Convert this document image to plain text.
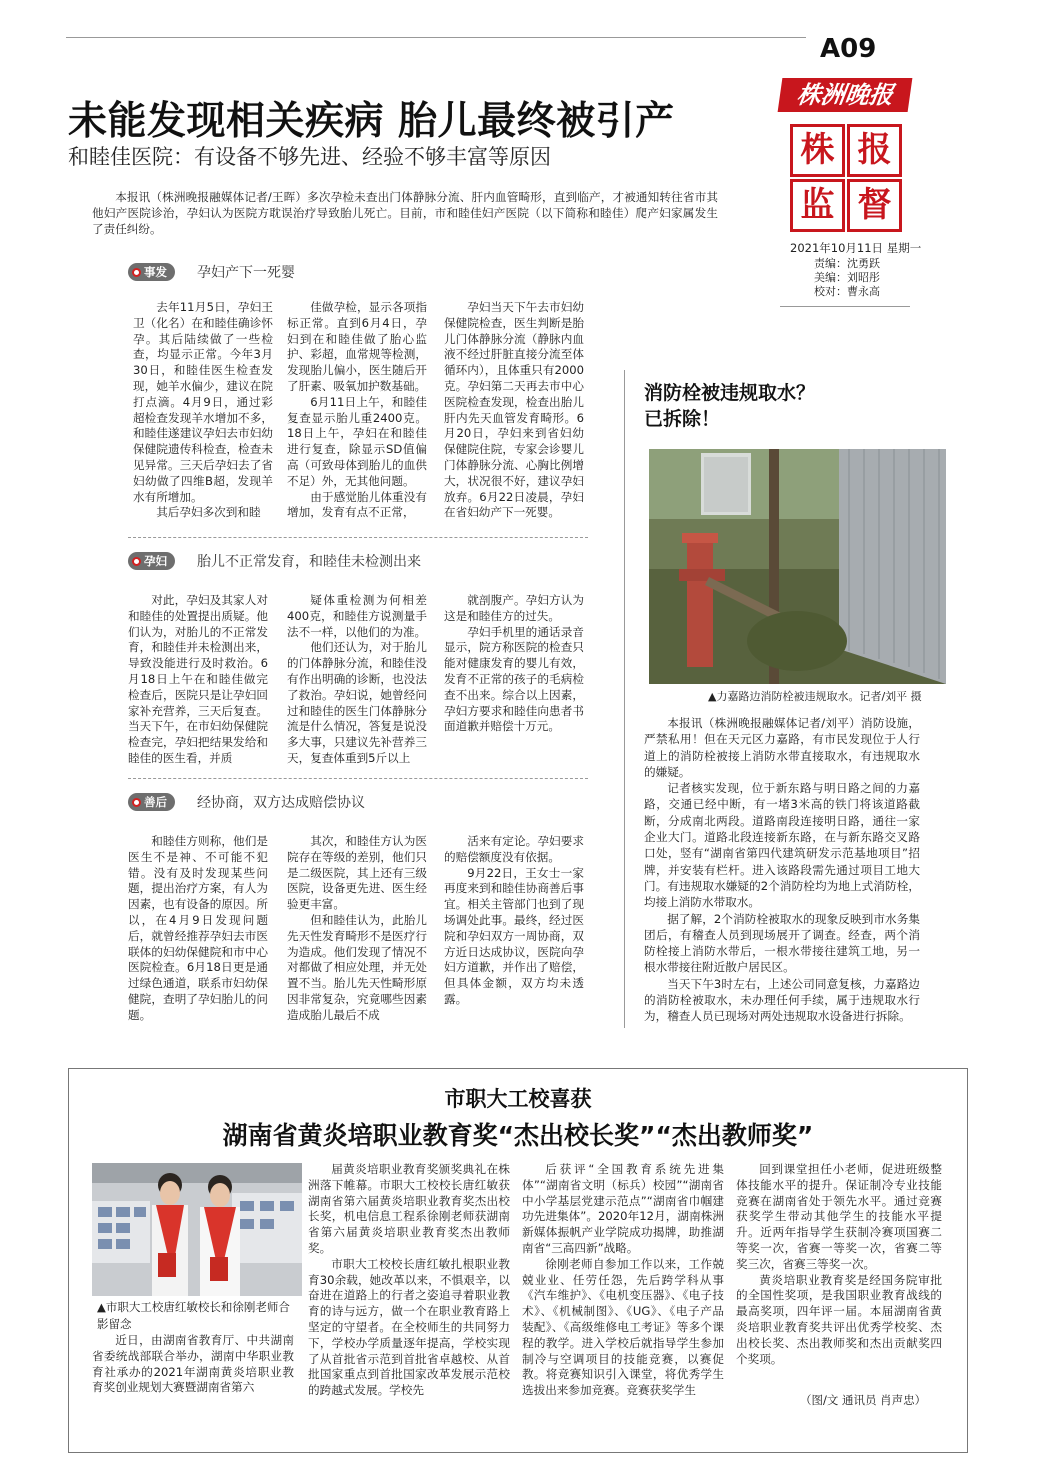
A09
株洲晚报
株 报
监 督
2021年10月11日 星期一
责编：沈勇跃
美编：刘昭彤
校对：曹永高
未能发现相关疾病 胎儿最终被引产
和睦佳医院：有设备不够先进、经验不够丰富等原因

本报讯（株洲晚报融媒体记者/王晖）多次孕检未查出门体静脉分流、肝内血管畸形，直到临产，才被通知转往省市其他妇产医院诊治，孕妇认为医院方耽误治疗导致胎儿死亡。目前，市和睦佳妇产医院（以下简称和睦佳）爬产妇家属发生了责任纠纷。

事发 孕妇产下一死婴

去年11月5日，孕妇王卫（化名）在和睦佳确诊怀孕。其后陆续做了一些检查，均显示正常。今年3月30日，和睦佳医生检查发现，她羊水偏少，建议在院打点滴。4月9日，通过彩超检查发现羊水增加不多，和睦佳遂建议孕妇去市妇幼保健院遗传科检查，检查未见异常。三天后孕妇去了省妇幼做了四维B超，发现羊水有所增加。

其后孕妇多次到和睦

佳做孕检，显示各项指标正常。直到6月4日，孕妇到在和睦佳做了胎心监护、彩超，血常规等检测，发现胎儿偏小，医生随后开了肝素、吸氧加护数基础。

6月11日上午，和睦佳复查显示胎儿重2400克。18日上午，孕妇在和睦佳进行复查，除显示SD值偏高（可致母体到胎儿的血供不足）外，无其他问题。

由于感觉胎儿体重没有增加，发育有点不正常，

孕妇当天下午去市妇幼保健院检查，医生判断是胎儿门体静脉分流（静脉内血液不经过肝脏直接分流至体循环内），且体重只有2000克。孕妇第二天再去市中心医院检查发现，检查出胎儿肝内先天血管发育畸形。6月20日，孕妇来到省妇幼保健院住院，专家会诊婴儿门体静脉分流、心胸比例增大，状况很不好，建议孕妇放弃。6月22日凌晨，孕妇在省妇幼产下一死婴。

孕妇 胎儿不正常发育，和睦佳未检测出来

对此，孕妇及其家人对和睦佳的处置提出质疑。他们认为，对胎儿的不正常发育，和睦佳并未检测出来，导致没能进行及时救治。6月18日上午在和睦佳做完检查后，医院只是让孕妇回家补充营养，三天后复查。当天下午，在市妇幼保健院检查完，孕妇把结果发给和睦佳的医生看，并质

疑体重检测为何相差400克，和睦佳方说测量手法不一样，以他们的为准。

他们还认为，对于胎儿的门体静脉分流，和睦佳没有作出明确的诊断，也没法了救治。孕妇说，她曾经问过和睦佳的医生门体静脉分流是什么情况，答复是说没多大事，只建议先补营养三天，复查体重到5斤以上

就剖腹产。孕妇方认为这是和睦佳方的过失。

孕妇手机里的通话录音显示，院方称医院的检查只能对健康发育的婴儿有效，发育不正常的孩子的毛病检查不出来。综合以上因素，孕妇方要求和睦佳向患者书面道歉并赔偿十万元。

善后 经协商，双方达成赔偿协议

和睦佳方则称，他们是医生不是神、不可能不犯错。没有及时发现某些问题，提出治疗方案，有人为因素，也有设备的原因。所以，在4月9日发现问题后，就曾经推荐孕妇去市医联体的妇幼保健院和市中心医院检查。6月18日更是通过绿色通道，联系市妇幼保健院，查明了孕妇胎儿的问题。

其次，和睦佳方认为医院存在等级的差别，他们只是二级医院，其上还有三级医院，设备更先进、医生经验更丰富。

但和睦佳认为，此胎儿先天性发育畸形不是医疗行为造成。他们发现了情况不对都做了相应处理，并无处置不当。胎儿先天性畸形原因非常复杂，究竟哪些因素造成胎儿最后不成

活来有定论。孕妇要求的赔偿额度没有依据。

9月22日，王女士一家再度来到和睦佳协商善后事宜。相关主管部门也到了现场调处此事。最终，经过医院和孕妇双方一周协商，双方近日达成协议，医院向孕妇方道歉，并作出了赔偿，但具体金额，双方均未透露。

消防栓被违规取水？
已拆除！
▲力嘉路边消防栓被违规取水。记者/刘平 摄

本报讯（株洲晚报融媒体记者/刘平）消防设施，严禁私用！但在天元区力嘉路，有市民发现位于人行道上的消防栓被接上消防水带直接取水，有违规取水的嫌疑。

记者核实发现，位于新东路与明日路之间的力嘉路，交通已经中断，有一堵3米高的铁门将该道路截断，分成南北两段。道路南段连接明日路，通往一家企业大门。道路北段连接新东路，在与新东路交叉路口处，竖有“湖南省第四代建筑研发示范基地项目”招牌，并安装有栏杆。进入该路段需先通过项目工地大门。有违规取水嫌疑的2个消防栓均为地上式消防栓，均接上消防水带取水。

据了解，2个消防栓被取水的现象反映到市水务集团后，有稽查人员到现场展开了调查。经查，两个消防栓接上消防水带后，一根水带接往建筑工地，另一根水带接往附近散户居民区。

当天下午3时左右，上述公司同意复核，力嘉路边的消防栓被取水，未办理任何手续，属于违规取水行为，稽查人员已现场对两处违规取水设备进行拆除。

市职大工校喜获
湖南省黄炎培职业教育奖“杰出校长奖”“杰出教师奖”
▲市职大工校唐红敏校长和徐刚老师合影留念

近日，由湖南省教育厅、中共湖南省委统战部联合举办，湖南中华职业教育社承办的2021年湖南黄炎培职业教育奖创业规划大赛暨湖南省第六

届黄炎培职业教育奖颁奖典礼在株洲落下帷幕。市职大工校校长唐红敏获湖南省第六届黄炎培职业教育奖杰出校长奖，机电信息工程系徐刚老师获湖南省第六届黄炎培职业教育奖杰出教师奖。

市职大工校校长唐红敏扎根职业教育30余载，她改革以来，不惧艰辛，以奋进在道路上的行者之姿追寻着职业教育的诗与远方，做一个在职业教育路上坚定的守望者。在全校师生的共同努力下，学校办学质量逐年提高，学校实现了从首批省示范到首批省卓越校、从首批国家重点到首批国家改革发展示范校的跨越式发展。学校先

后获评“全国教育系统先进集体”“湖南省文明（标兵）校园”“湖南省中小学基层党建示范点”“湖南省巾帼建功先进集体”。2020年12月，湖南株洲新媒体振帆产业学院成功揭牌，助推湖南省“三高四新”战略。

徐刚老师自参加工作以来，工作兢兢业业、任劳任怨，先后跨学科从事《汽车维护》、《电机变压器》、《电子技术》、《机械制图》、《UG》、《电子产品装配》、《高级维修电工考证》等多个课程的教学。进入学校后就指导学生参加制冷与空调项目的技能竞赛，以赛促教。将竞赛知识引入课堂，将优秀学生选拔出来参加竞赛。竞赛获奖学生

回到课堂担任小老师，促进班级整体技能水平的提升。保证制冷专业技能竞赛在湖南省处于领先水平。通过竞赛获奖学生带动其他学生的技能水平提升。近两年指导学生获制冷赛项国赛二等奖一次，省赛一等奖一次，省赛二等奖三次，省赛三等奖一次。

黄炎培职业教育奖是经国务院审批的全国性奖项，是我国职业教育战线的最高奖项，四年评一届。本届湖南省黄炎培职业教育奖共评出优秀学校奖、杰出校长奖、杰出教师奖和杰出贡献奖四个奖项。

（图/文 通讯员 肖声忠）
